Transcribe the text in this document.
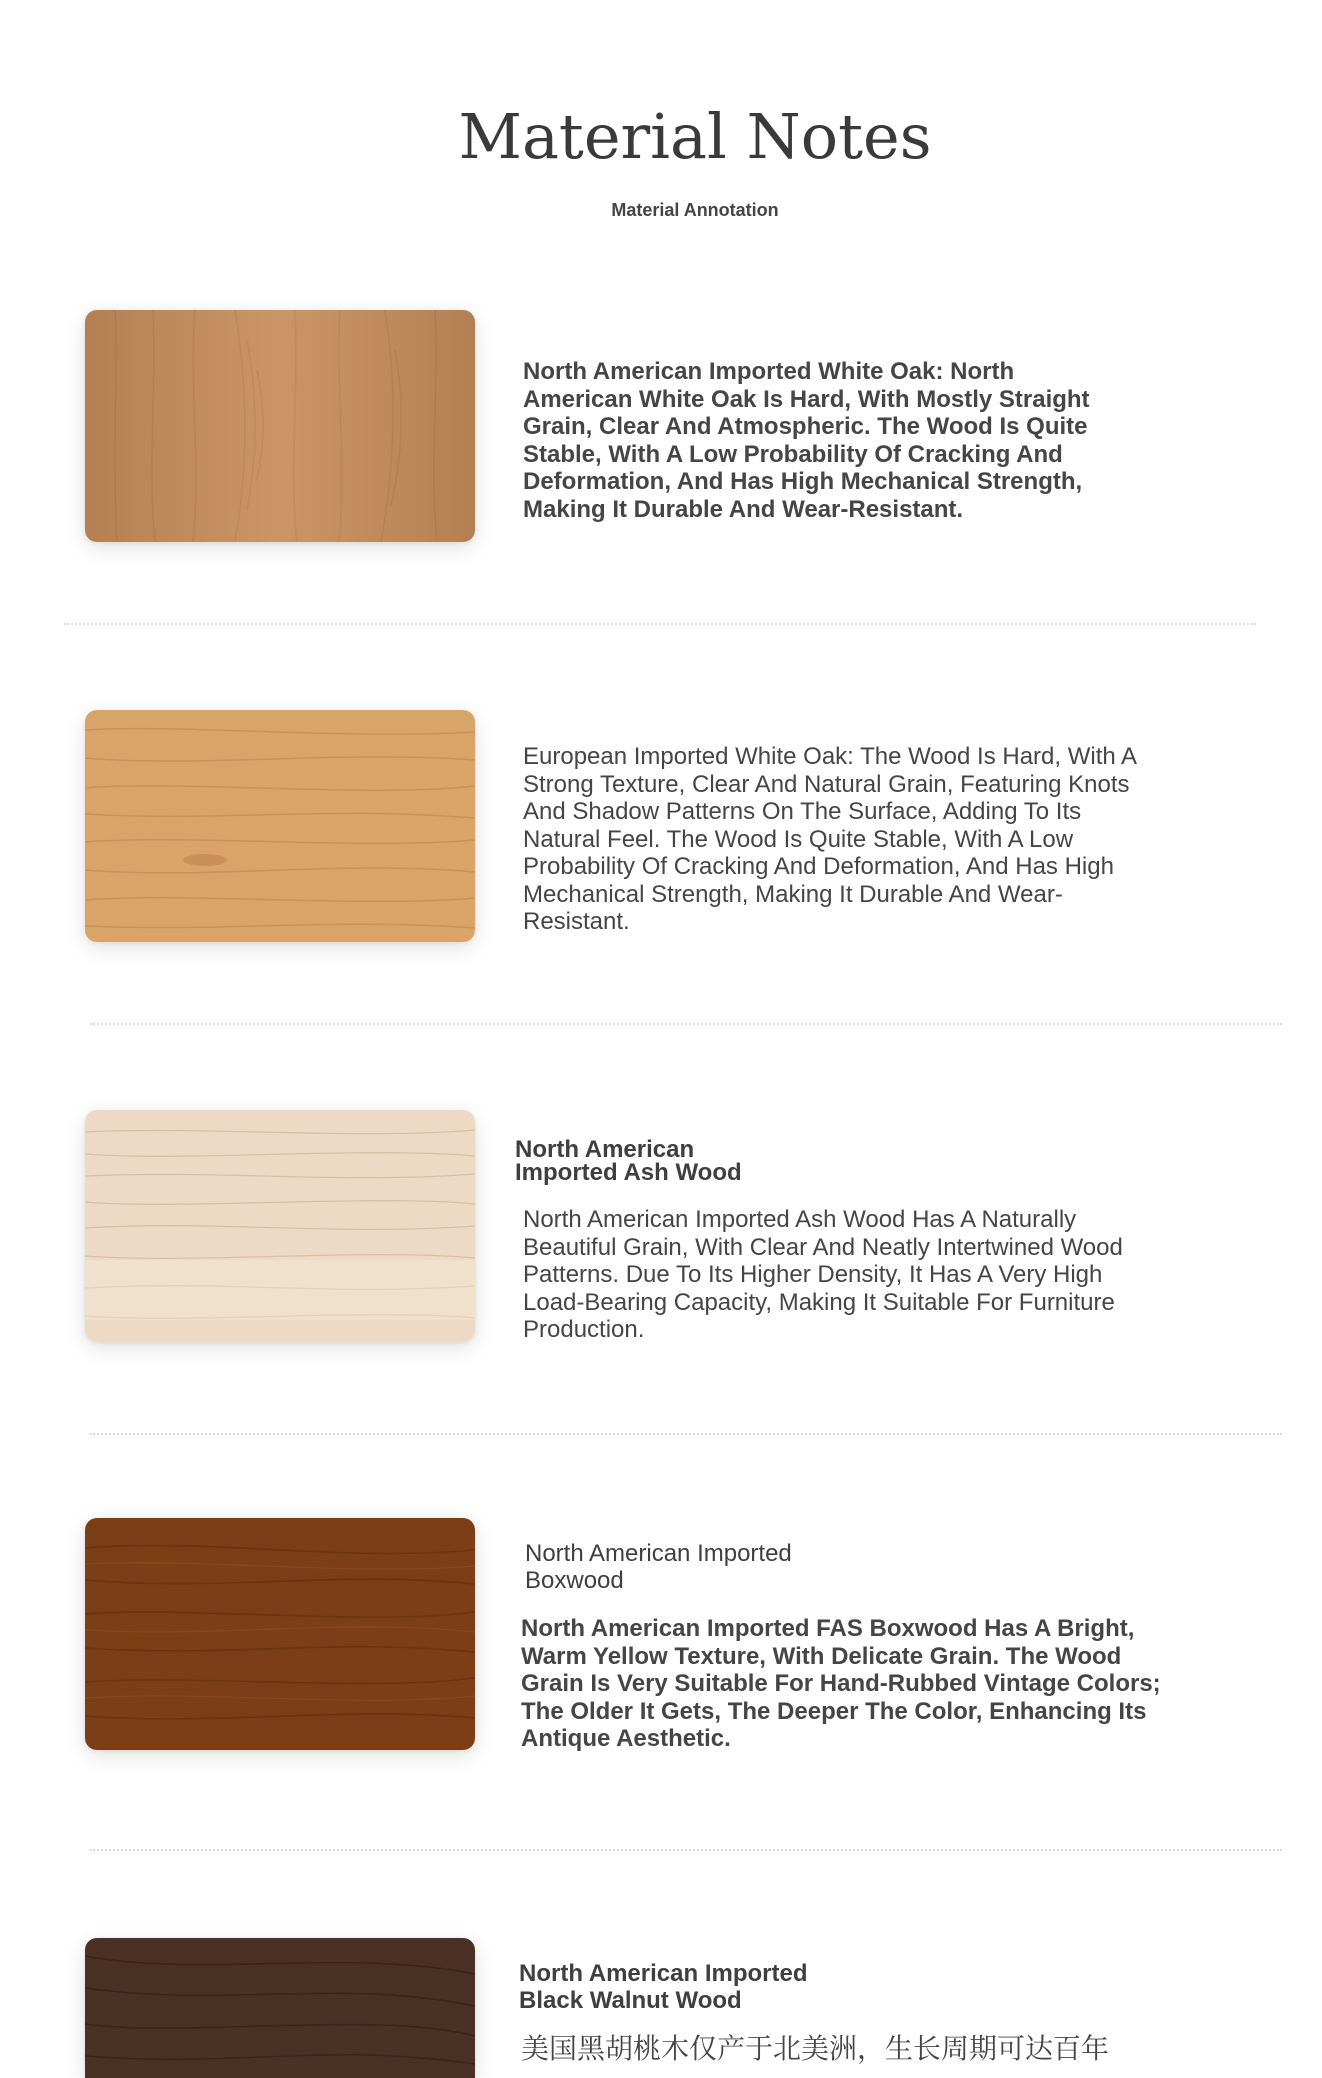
Material Notes
Material Annotation
North American Imported White Oak: North American White Oak Is Hard, With Mostly Straight Grain, Clear And Atmospheric. The Wood Is Quite Stable, With A Low Probability Of Cracking And Deformation, And Has High Mechanical Strength, Making It Durable And Wear-Resistant.
European Imported White Oak: The Wood Is Hard, With A Strong Texture, Clear And Natural Grain, Featuring Knots And Shadow Patterns On The Surface, Adding To Its Natural Feel. The Wood Is Quite Stable, With A Low Probability Of Cracking And Deformation, And Has High Mechanical Strength, Making It Durable And Wear-Resistant.
North American Imported Ash Wood
North American Imported Ash Wood Has A Naturally Beautiful Grain, With Clear And Neatly Intertwined Wood Patterns. Due To Its Higher Density, It Has A Very High Load-Bearing Capacity, Making It Suitable For Furniture Production.
North American Imported Boxwood
North American Imported FAS Boxwood Has A Bright, Warm Yellow Texture, With Delicate Grain. The Wood Grain Is Very Suitable For Hand-Rubbed Vintage Colors; The Older It Gets, The Deeper The Color, Enhancing Its Antique Aesthetic.
North American Imported Black Walnut Wood
美国黑胡桃木仅产于北美洲，生长周期可达百年
